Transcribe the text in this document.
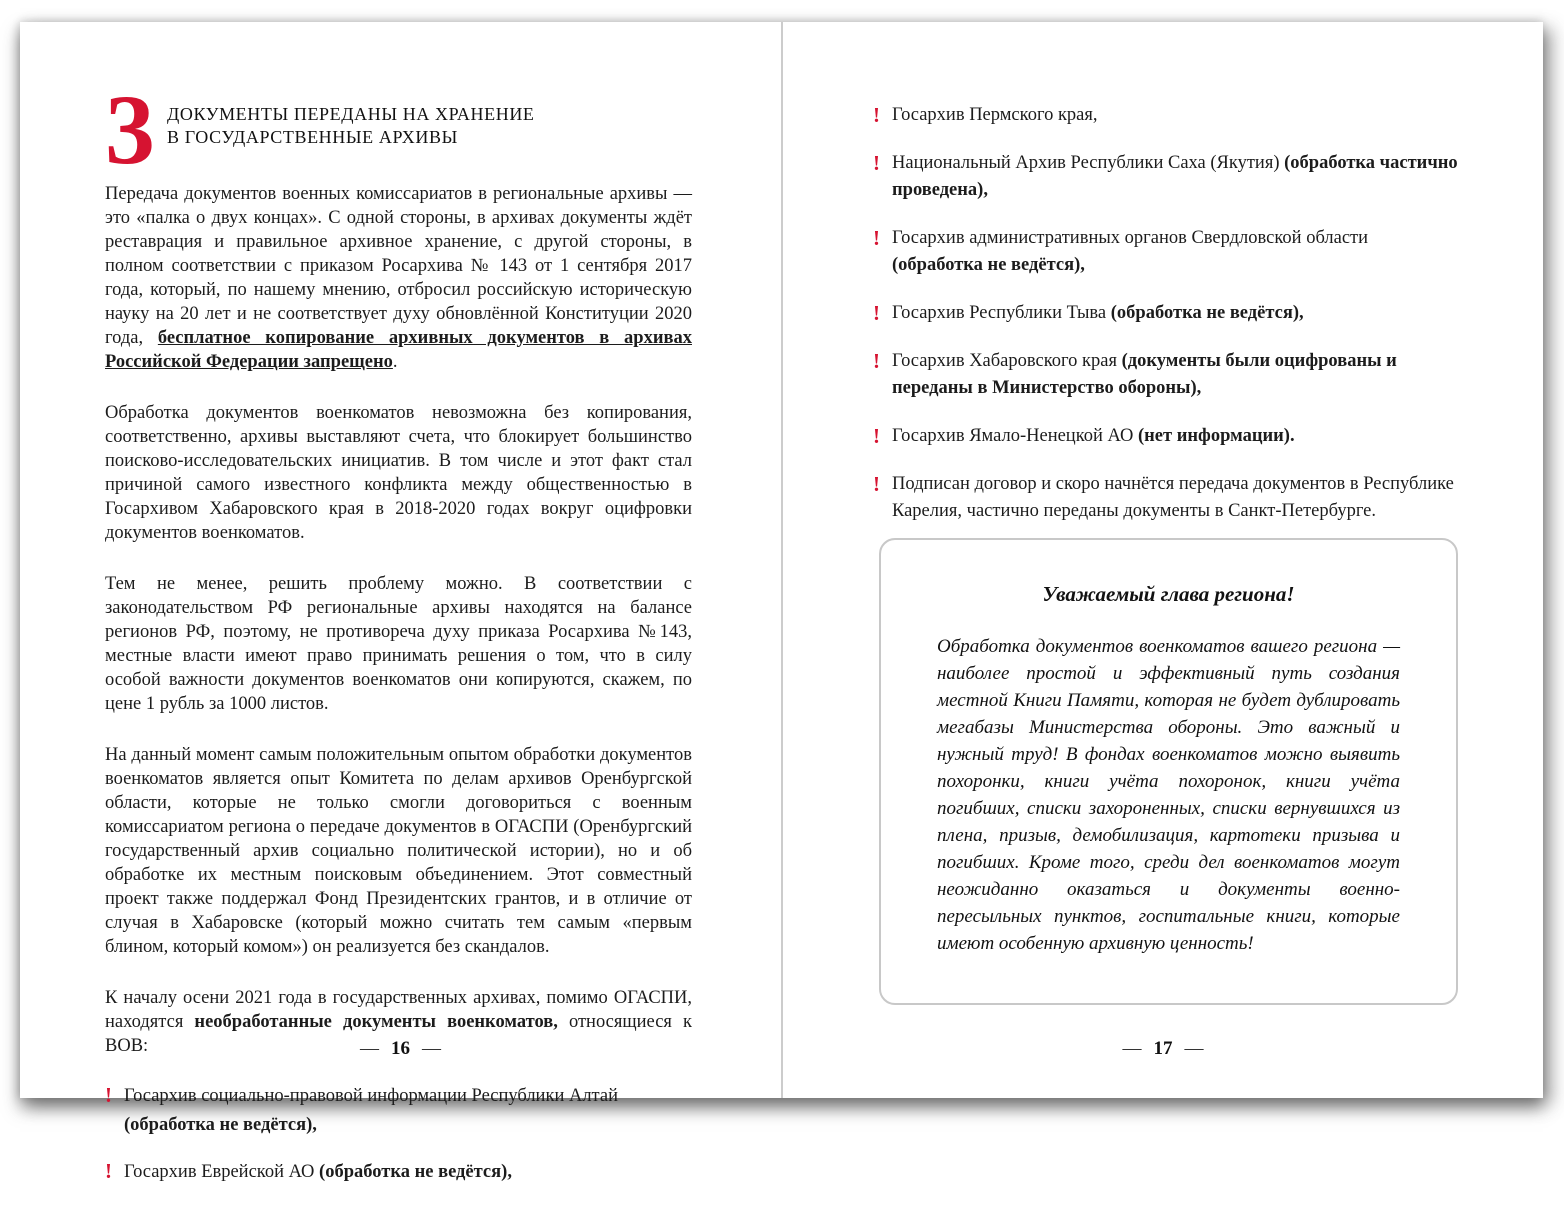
3 ДОКУМЕНТЫ ПЕРЕДАНЫ НА ХРАНЕНИЕ
В ГОСУДАРСТВЕННЫЕ АРХИВЫ

Передача документов военных комиссариатов в региональные архивы — это «палка о двух концах». С одной стороны, в архивах документы ждёт реставрация и правильное архивное хранение, с другой стороны, в полном соответствии с приказом Росархива № 143 от 1 сентября 2017 года, который, по нашему мнению, отбросил российскую историческую науку на 20 лет и не соответствует духу обновлённой Конституции 2020 года, бесплатное копирование архивных документов в архивах Российской Федерации запрещено.

Обработка документов военкоматов невозможна без копирования, соответственно, архивы выставляют счета, что блокирует большинство поисково-исследовательских инициатив. В том числе и этот факт стал причиной самого известного конфликта между общественностью в Госархивом Хабаровского края в 2018-2020 годах вокруг оцифровки документов военкоматов.

Тем не менее, решить проблему можно. В соответствии с законодательством РФ региональные архивы находятся на балансе регионов РФ, поэтому, не противореча духу приказа Росархива №143, местные власти имеют право принимать решения о том, что в силу особой важности документов военкоматов они копируются, скажем, по цене 1 рубль за 1000 листов.

На данный момент самым положительным опытом обработки документов военкоматов является опыт Комитета по делам архивов Оренбургской области, которые не только смогли договориться с военным комиссариатом региона о передаче документов в ОГАСПИ (Оренбургский государственный архив социально политической истории), но и об обработке их местным поисковым объединением. Этот совместный проект также поддержал Фонд Президентских грантов, и в отличие от случая в Хабаровске (который можно считать тем самым «первым блином, который комом») он реализуется без скандалов.

К началу осени 2021 года в государственных архивах, помимо ОГАСПИ, находятся необработанные документы военкоматов, относящиеся к ВОВ:

! Госархив социально-правовой информации Республики Алтай (обработка не ведётся),
! Госархив Еврейской АО (обработка не ведётся),
— 16 —
! Госархив Пермского края,
! Национальный Архив Республики Саха (Якутия) (обработка частично проведена),
! Госархив административных органов Свердловской области (обработка не ведётся),
! Госархив Республики Тыва (обработка не ведётся),
! Госархив Хабаровского края (документы были оцифрованы и переданы в Министерство обороны),
! Госархив Ямало-Ненецкой АО (нет информации).
! Подписан договор и скоро начнётся передача документов в Республике Карелия, частично переданы документы в Санкт-Петербурге.
Уважаемый глава региона!
Обработка документов военкоматов вашего региона — наиболее простой и эффективный путь создания местной Книги Памяти, которая не будет дублировать мегабазы Министерства обороны. Это важный и нужный труд! В фондах военкоматов можно выявить похоронки, книги учёта похоронок, книги учёта погибших, списки захороненных, списки вернувшихся из плена, призыв, демобилизация, картотеки призыва и погибших. Кроме того, среди дел военкоматов могут неожиданно оказаться и документы военно-пересыльных пунктов, госпитальные книги, которые имеют особенную архивную ценность!
— 17 —
